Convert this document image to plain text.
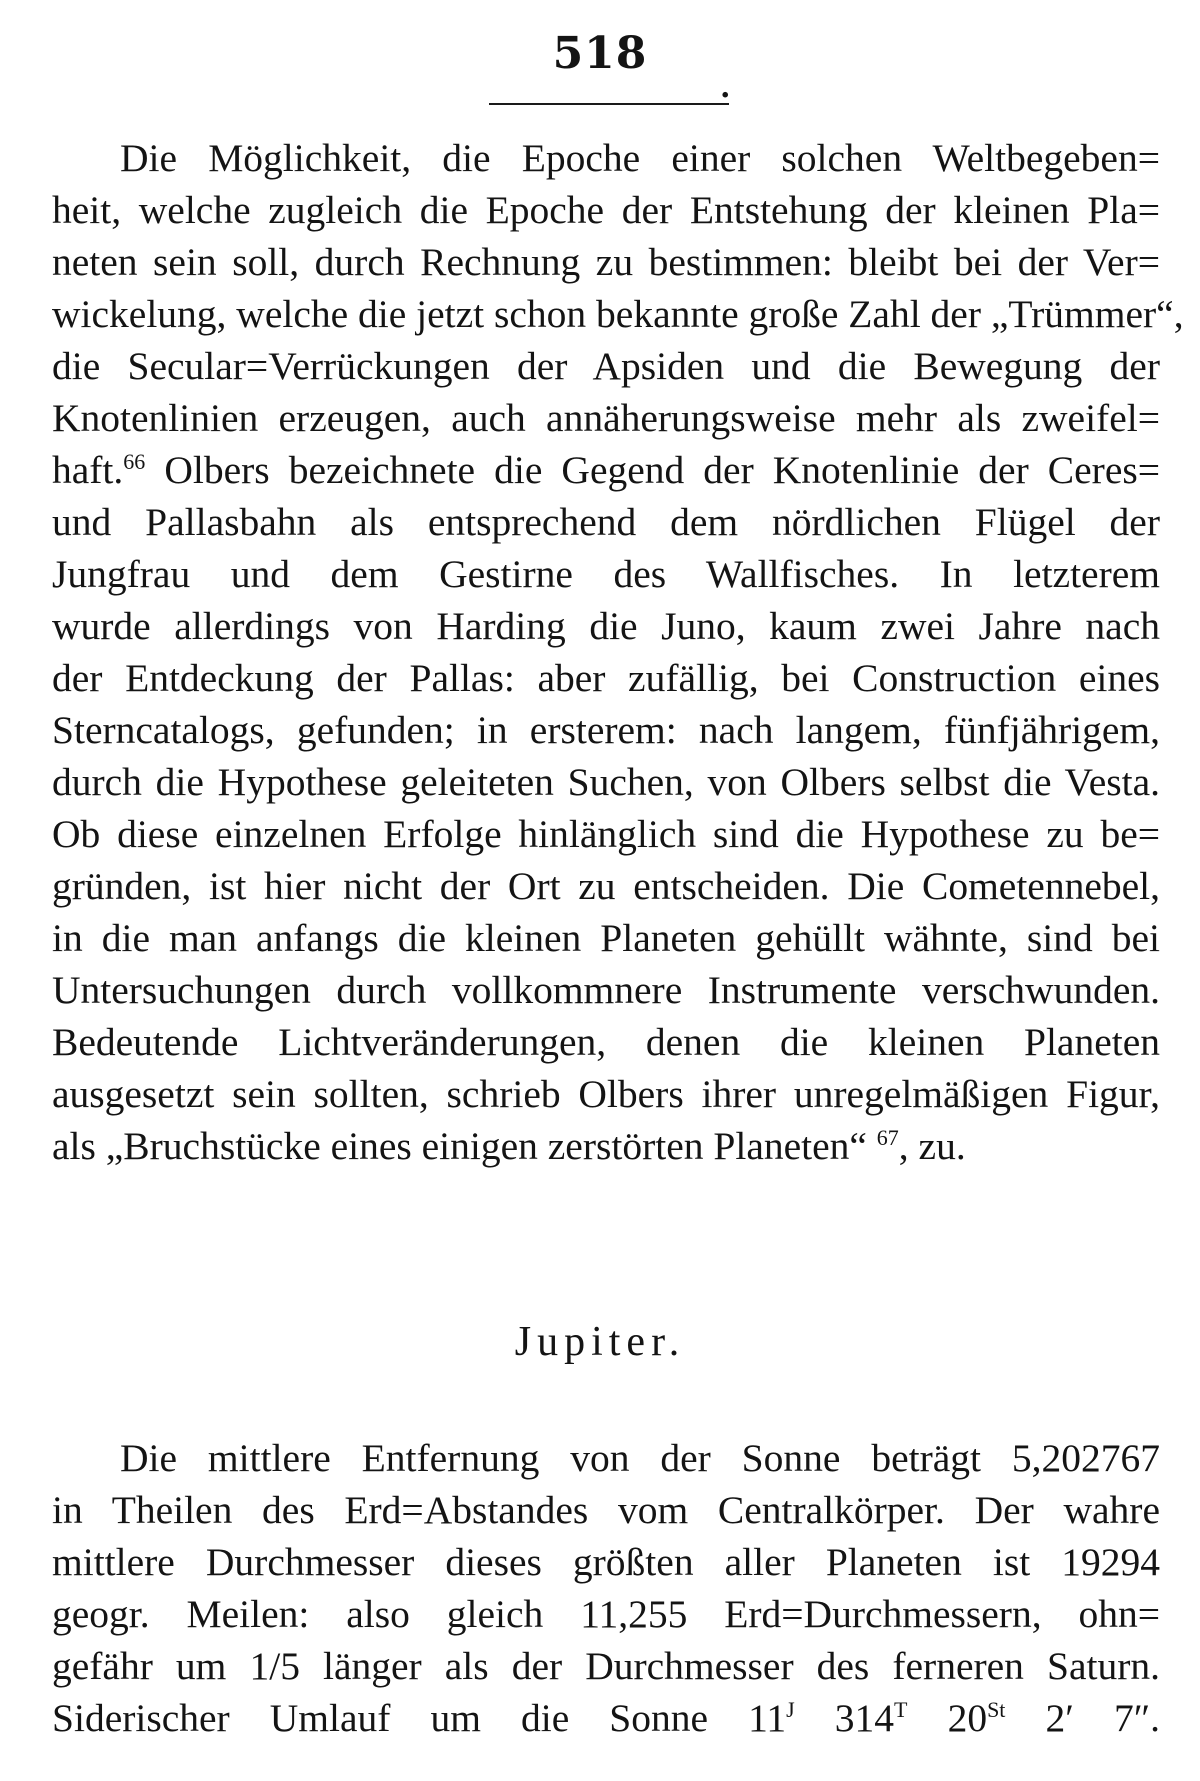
518
.
Die Möglichkeit, die Epoche einer solchen Weltbegeben=
heit, welche zugleich die Epoche der Entstehung der kleinen Pla=
neten sein soll, durch Rechnung zu bestimmen: bleibt bei der Ver=
wickelung, welche die jetzt schon bekannte große Zahl der „Trümmer“,
die Secular=Verrückungen der Apsiden und die Bewegung der
Knotenlinien erzeugen, auch annäherungsweise mehr als zweifel=
haft.$^{66}$ Olbers bezeichnete die Gegend der Knotenlinie der Ceres=
und Pallasbahn als entsprechend dem nördlichen Flügel der
Jungfrau und dem Gestirne des Wallfisches. In letzterem
wurde allerdings von Harding die Juno, kaum zwei Jahre nach
der Entdeckung der Pallas: aber zufällig, bei Construction eines
Sterncatalogs, gefunden; in ersterem: nach langem, fünfjährigem,
durch die Hypothese geleiteten Suchen, von Olbers selbst die Vesta.
Ob diese einzelnen Erfolge hinlänglich sind die Hypothese zu be=
gründen, ist hier nicht der Ort zu entscheiden. Die Cometennebel,
in die man anfangs die kleinen Planeten gehüllt wähnte, sind bei
Untersuchungen durch vollkommnere Instrumente verschwunden.
Bedeutende Lichtveränderungen, denen die kleinen Planeten
ausgesetzt sein sollten, schrieb Olbers ihrer unregelmäßigen Figur,
als „Bruchstücke eines einigen zerstörten Planeten“ $^{67}$, zu.
Jupiter.
Die mittlere Entfernung von der Sonne beträgt 5,202767
in Theilen des Erd=Abstandes vom Centralkörper. Der wahre
mittlere Durchmesser dieses größten aller Planeten ist 19294
geogr. Meilen: also gleich 11,255 Erd=Durchmessern, ohn=
gefähr um 1/5 länger als der Durchmesser des ferneren Saturn.
Siderischer Umlauf um die Sonne $11^J$ $314^T$ 20St 2′ 7″.
